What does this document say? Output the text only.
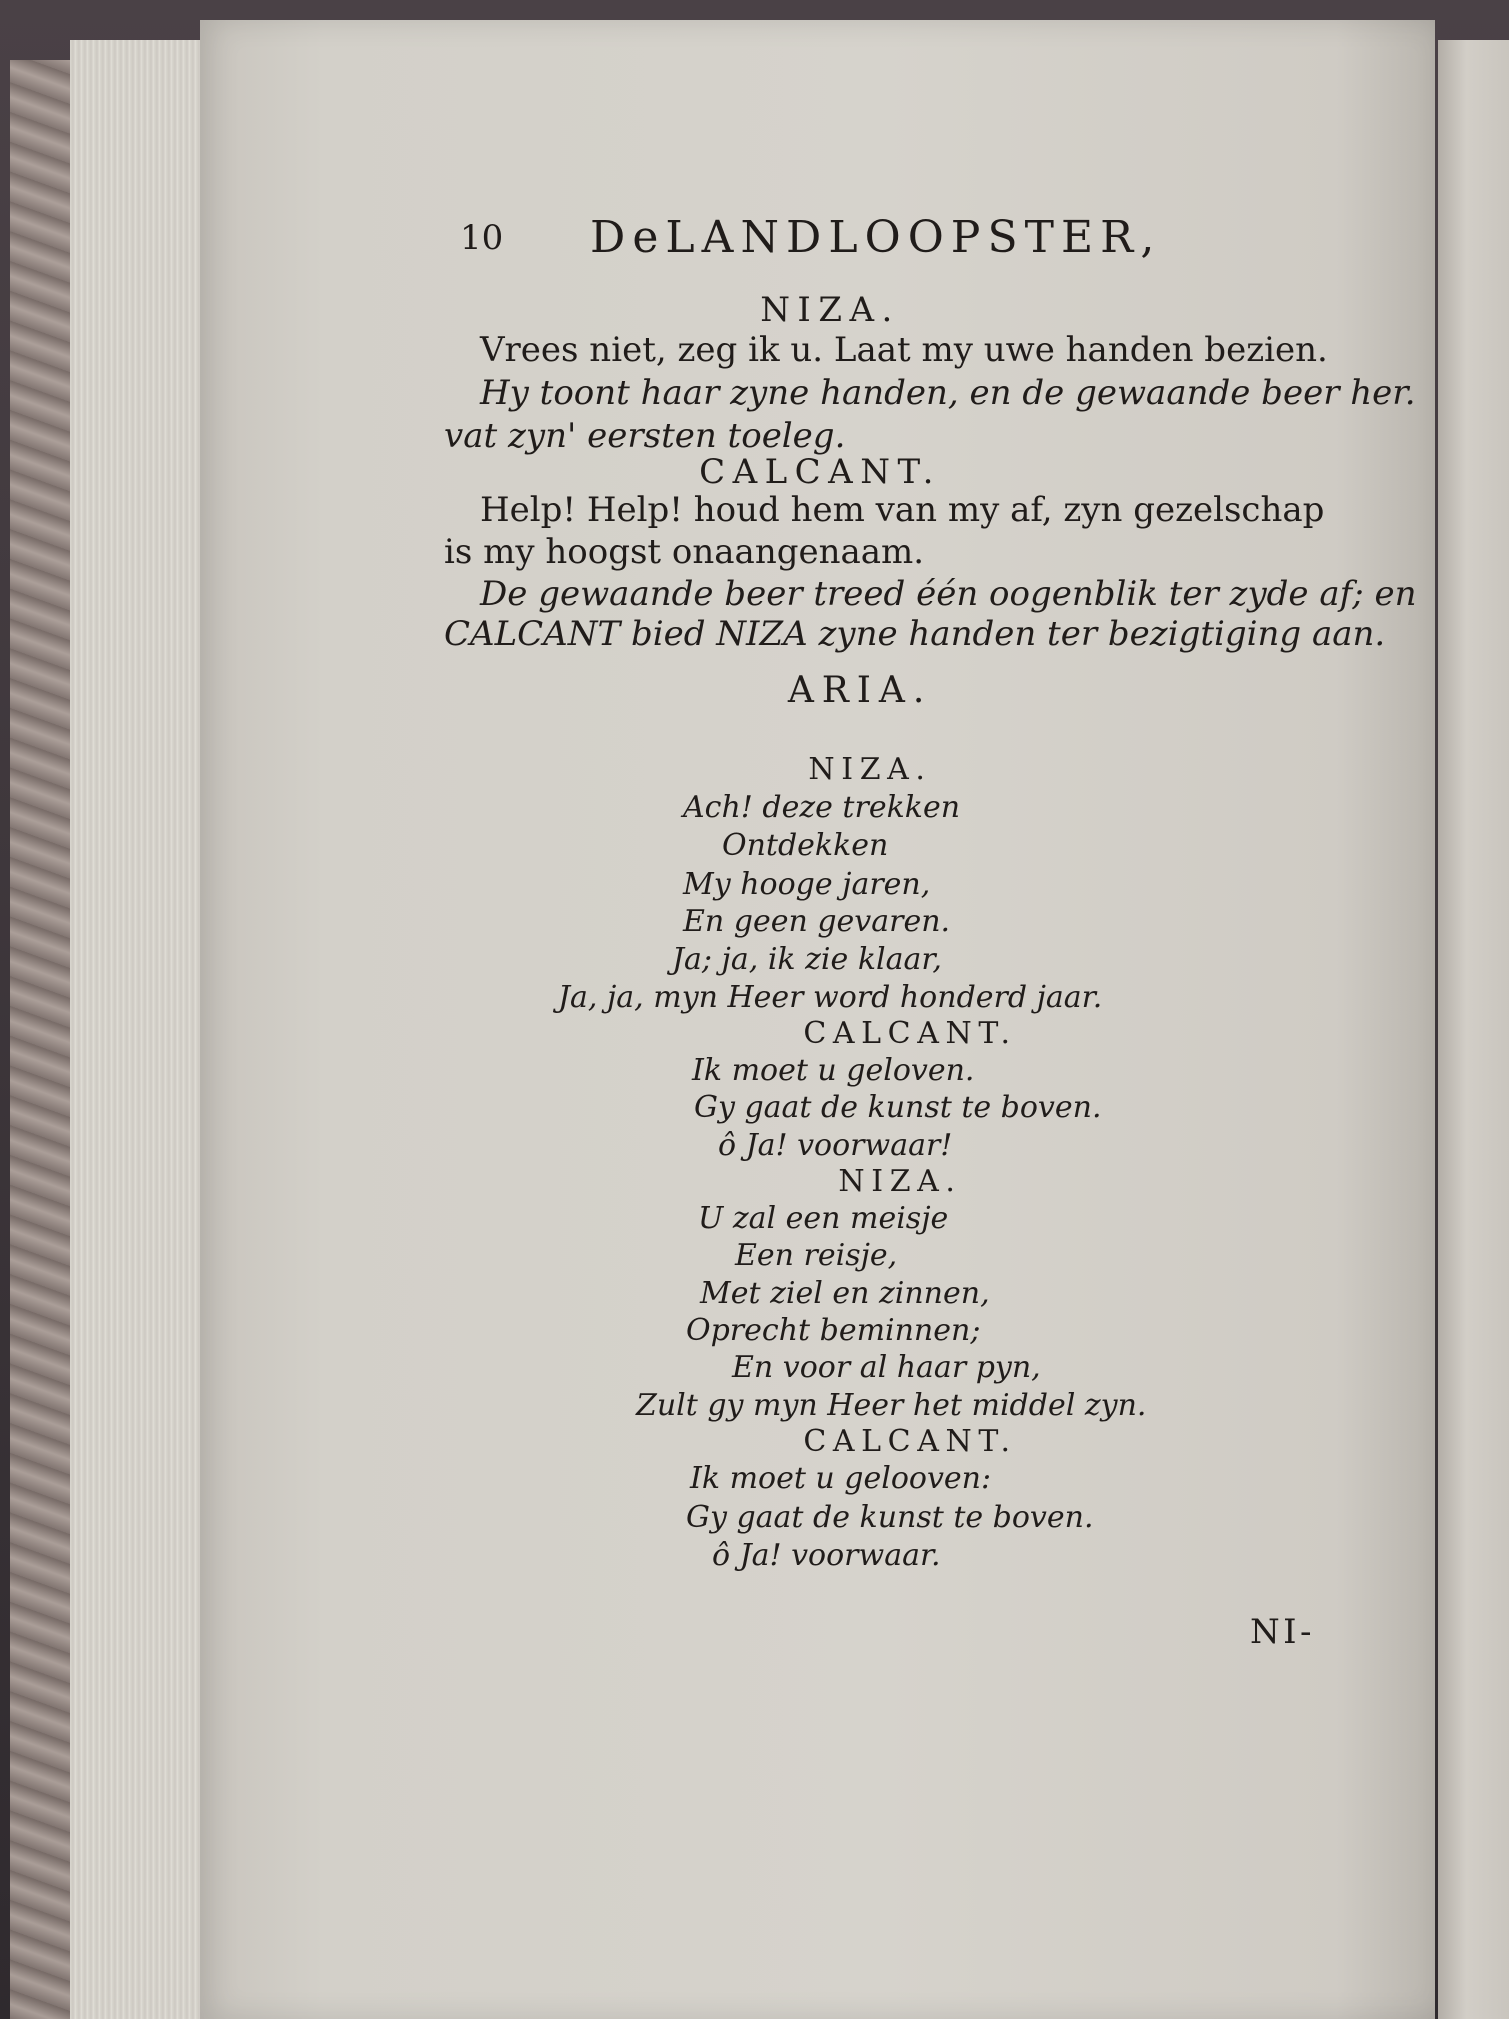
10 DeLANDLOOPSTER,
NIZA.
Vrees niet, zeg ik u. Laat my uwe handen bezien.
Hy toont haar zyne handen, en de gewaande beer her.
vat zyn' eersten toeleg.
CALCANT.
Help! Help! houd hem van my af, zyn gezelschap
is my hoogst onaangenaam.
De gewaande beer treed één oogenblik ter zyde af; en
CALCANT bied NIZA zyne handen ter bezigtiging aan.
ARIA.
NIZA.
Ach! deze trekken
Ontdekken
My hooge jaren,
En geen gevaren.
Ja; ja, ik zie klaar,
Ja, ja, myn Heer word honderd jaar.
CALCANT.
Ik moet u geloven.
Gy gaat de kunst te boven.
ô Ja! voorwaar!
NIZA.
U zal een meisje
Een reisje,
Met ziel en zinnen,
Oprecht beminnen;
En voor al haar pyn,
Zult gy myn Heer het middel zyn.
CALCANT.
Ik moet u gelooven:
Gy gaat de kunst te boven.
ô Ja! voorwaar.
NI-
